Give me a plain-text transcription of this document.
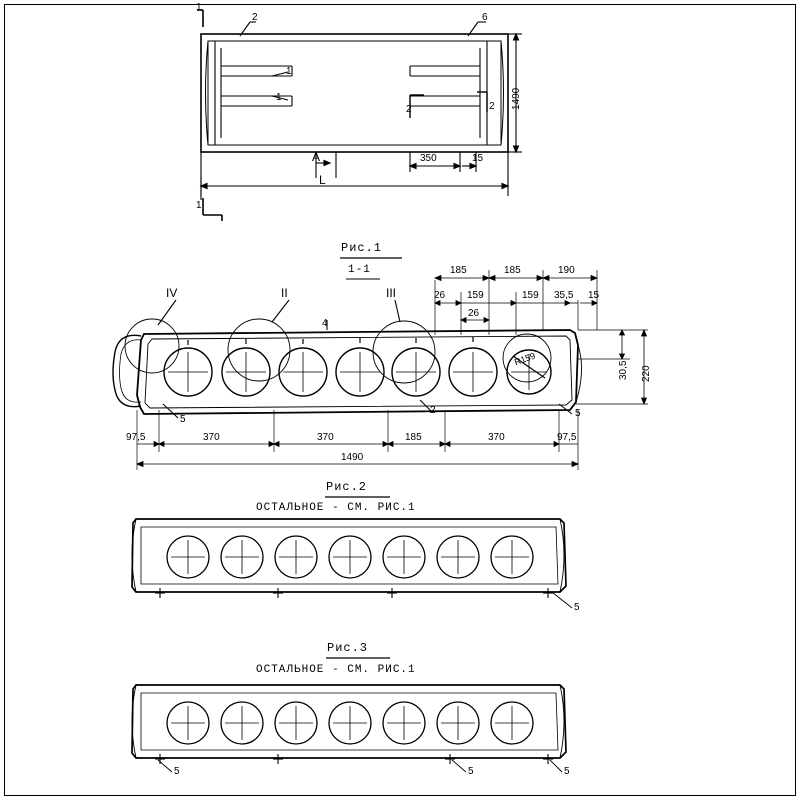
1
2	6
1
1
2	2 1490
350	15
A
L
1
Рис.1
1-1
IV	II	III
4
2
5
5
R159
185	185	190
26 159	159 35,5 15
26
30,5 220
97,5	370	370	185	370	97,5
1490
Рис.2
ОСТАЛЬНОЕ - СМ. РИС.1
5
Рис.3
ОСТАЛЬНОЕ - СМ. РИС.1
5	5	5
